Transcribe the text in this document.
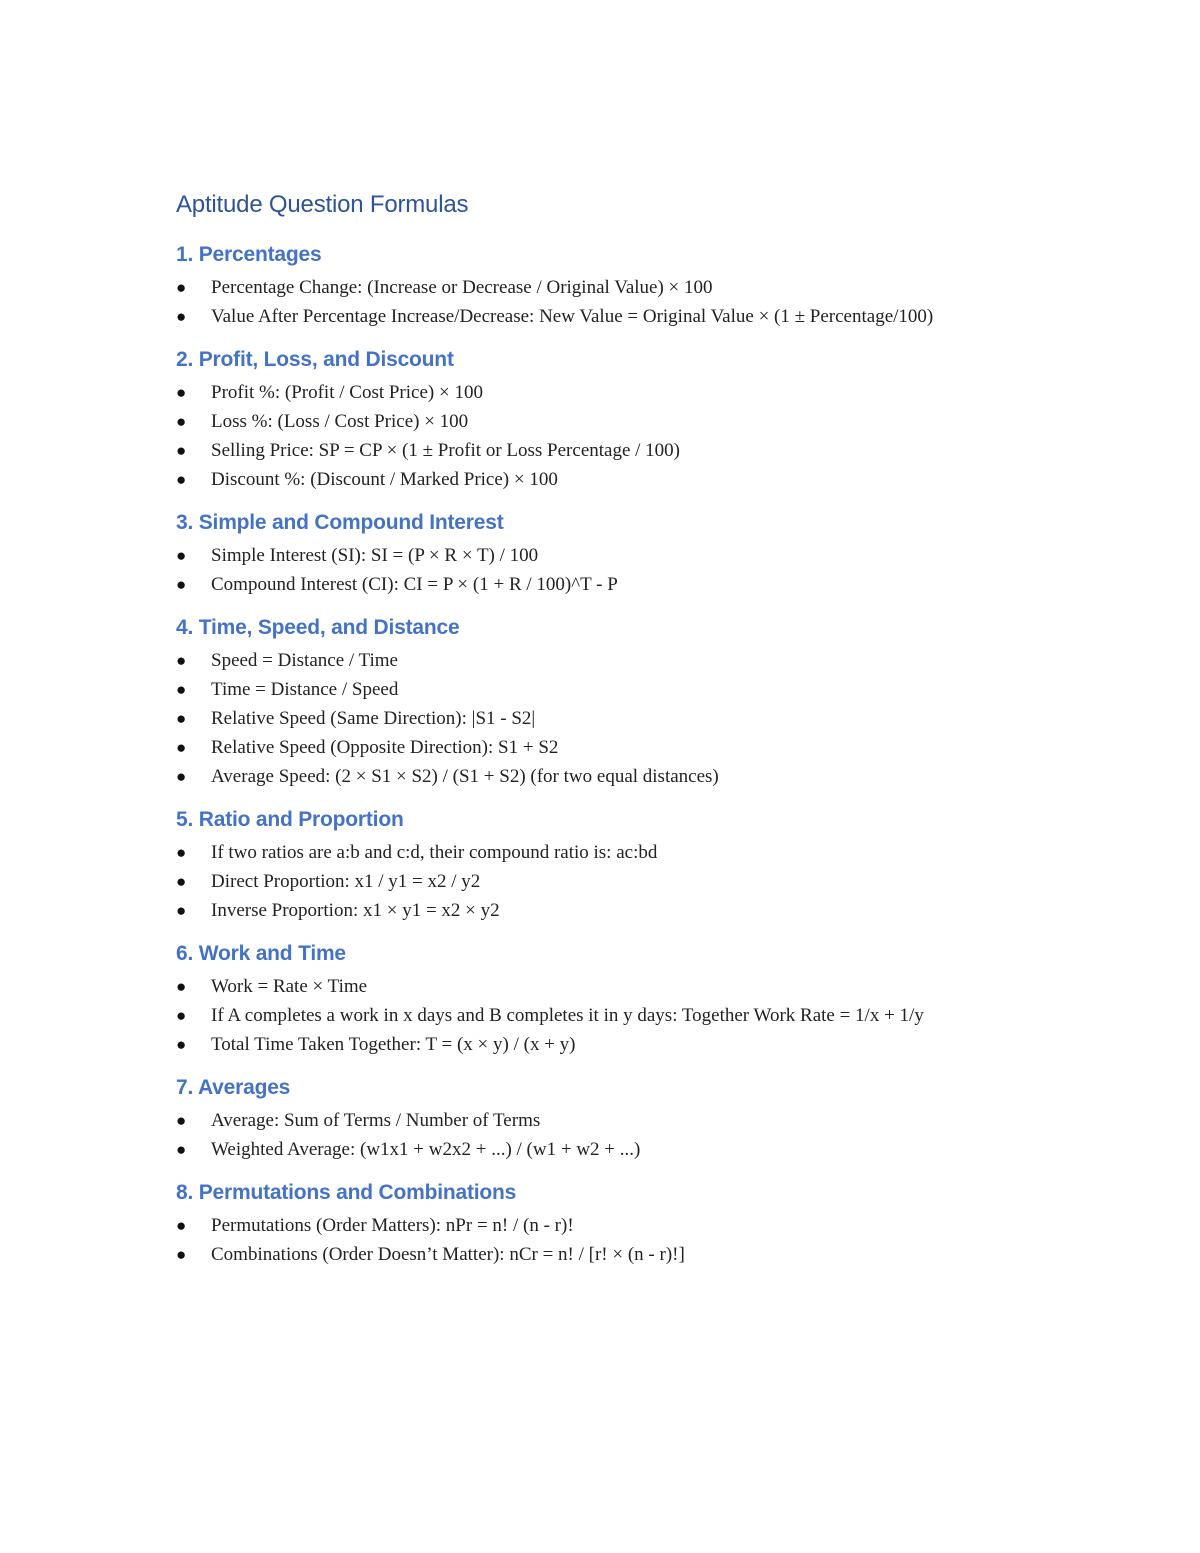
Aptitude Question Formulas
1. Percentages
● Percentage Change: (Increase or Decrease / Original Value) × 100
● Value After Percentage Increase/Decrease: New Value = Original Value × (1 ± Percentage/100)
2. Profit, Loss, and Discount
● Profit %: (Profit / Cost Price) × 100
● Loss %: (Loss / Cost Price) × 100
● Selling Price: SP = CP × (1 ± Profit or Loss Percentage / 100)
● Discount %: (Discount / Marked Price) × 100
3. Simple and Compound Interest
● Simple Interest (SI): SI = (P × R × T) / 100
● Compound Interest (CI): CI = P × (1 + R / 100)^T - P
4. Time, Speed, and Distance
● Speed = Distance / Time
● Time = Distance / Speed
● Relative Speed (Same Direction): |S1 - S2|
● Relative Speed (Opposite Direction): S1 + S2
● Average Speed: (2 × S1 × S2) / (S1 + S2) (for two equal distances)
5. Ratio and Proportion
● If two ratios are a:b and c:d, their compound ratio is: ac:bd
● Direct Proportion: x1 / y1 = x2 / y2
● Inverse Proportion: x1 × y1 = x2 × y2
6. Work and Time
● Work = Rate × Time
● If A completes a work in x days and B completes it in y days: Together Work Rate = 1/x + 1/y
● Total Time Taken Together: T = (x × y) / (x + y)
7. Averages
● Average: Sum of Terms / Number of Terms
● Weighted Average: (w1x1 + w2x2 + ...) / (w1 + w2 + ...)
8. Permutations and Combinations
● Permutations (Order Matters): nPr = n! / (n - r)!
● Combinations (Order Doesn’t Matter): nCr = n! / [r! × (n - r)!]
